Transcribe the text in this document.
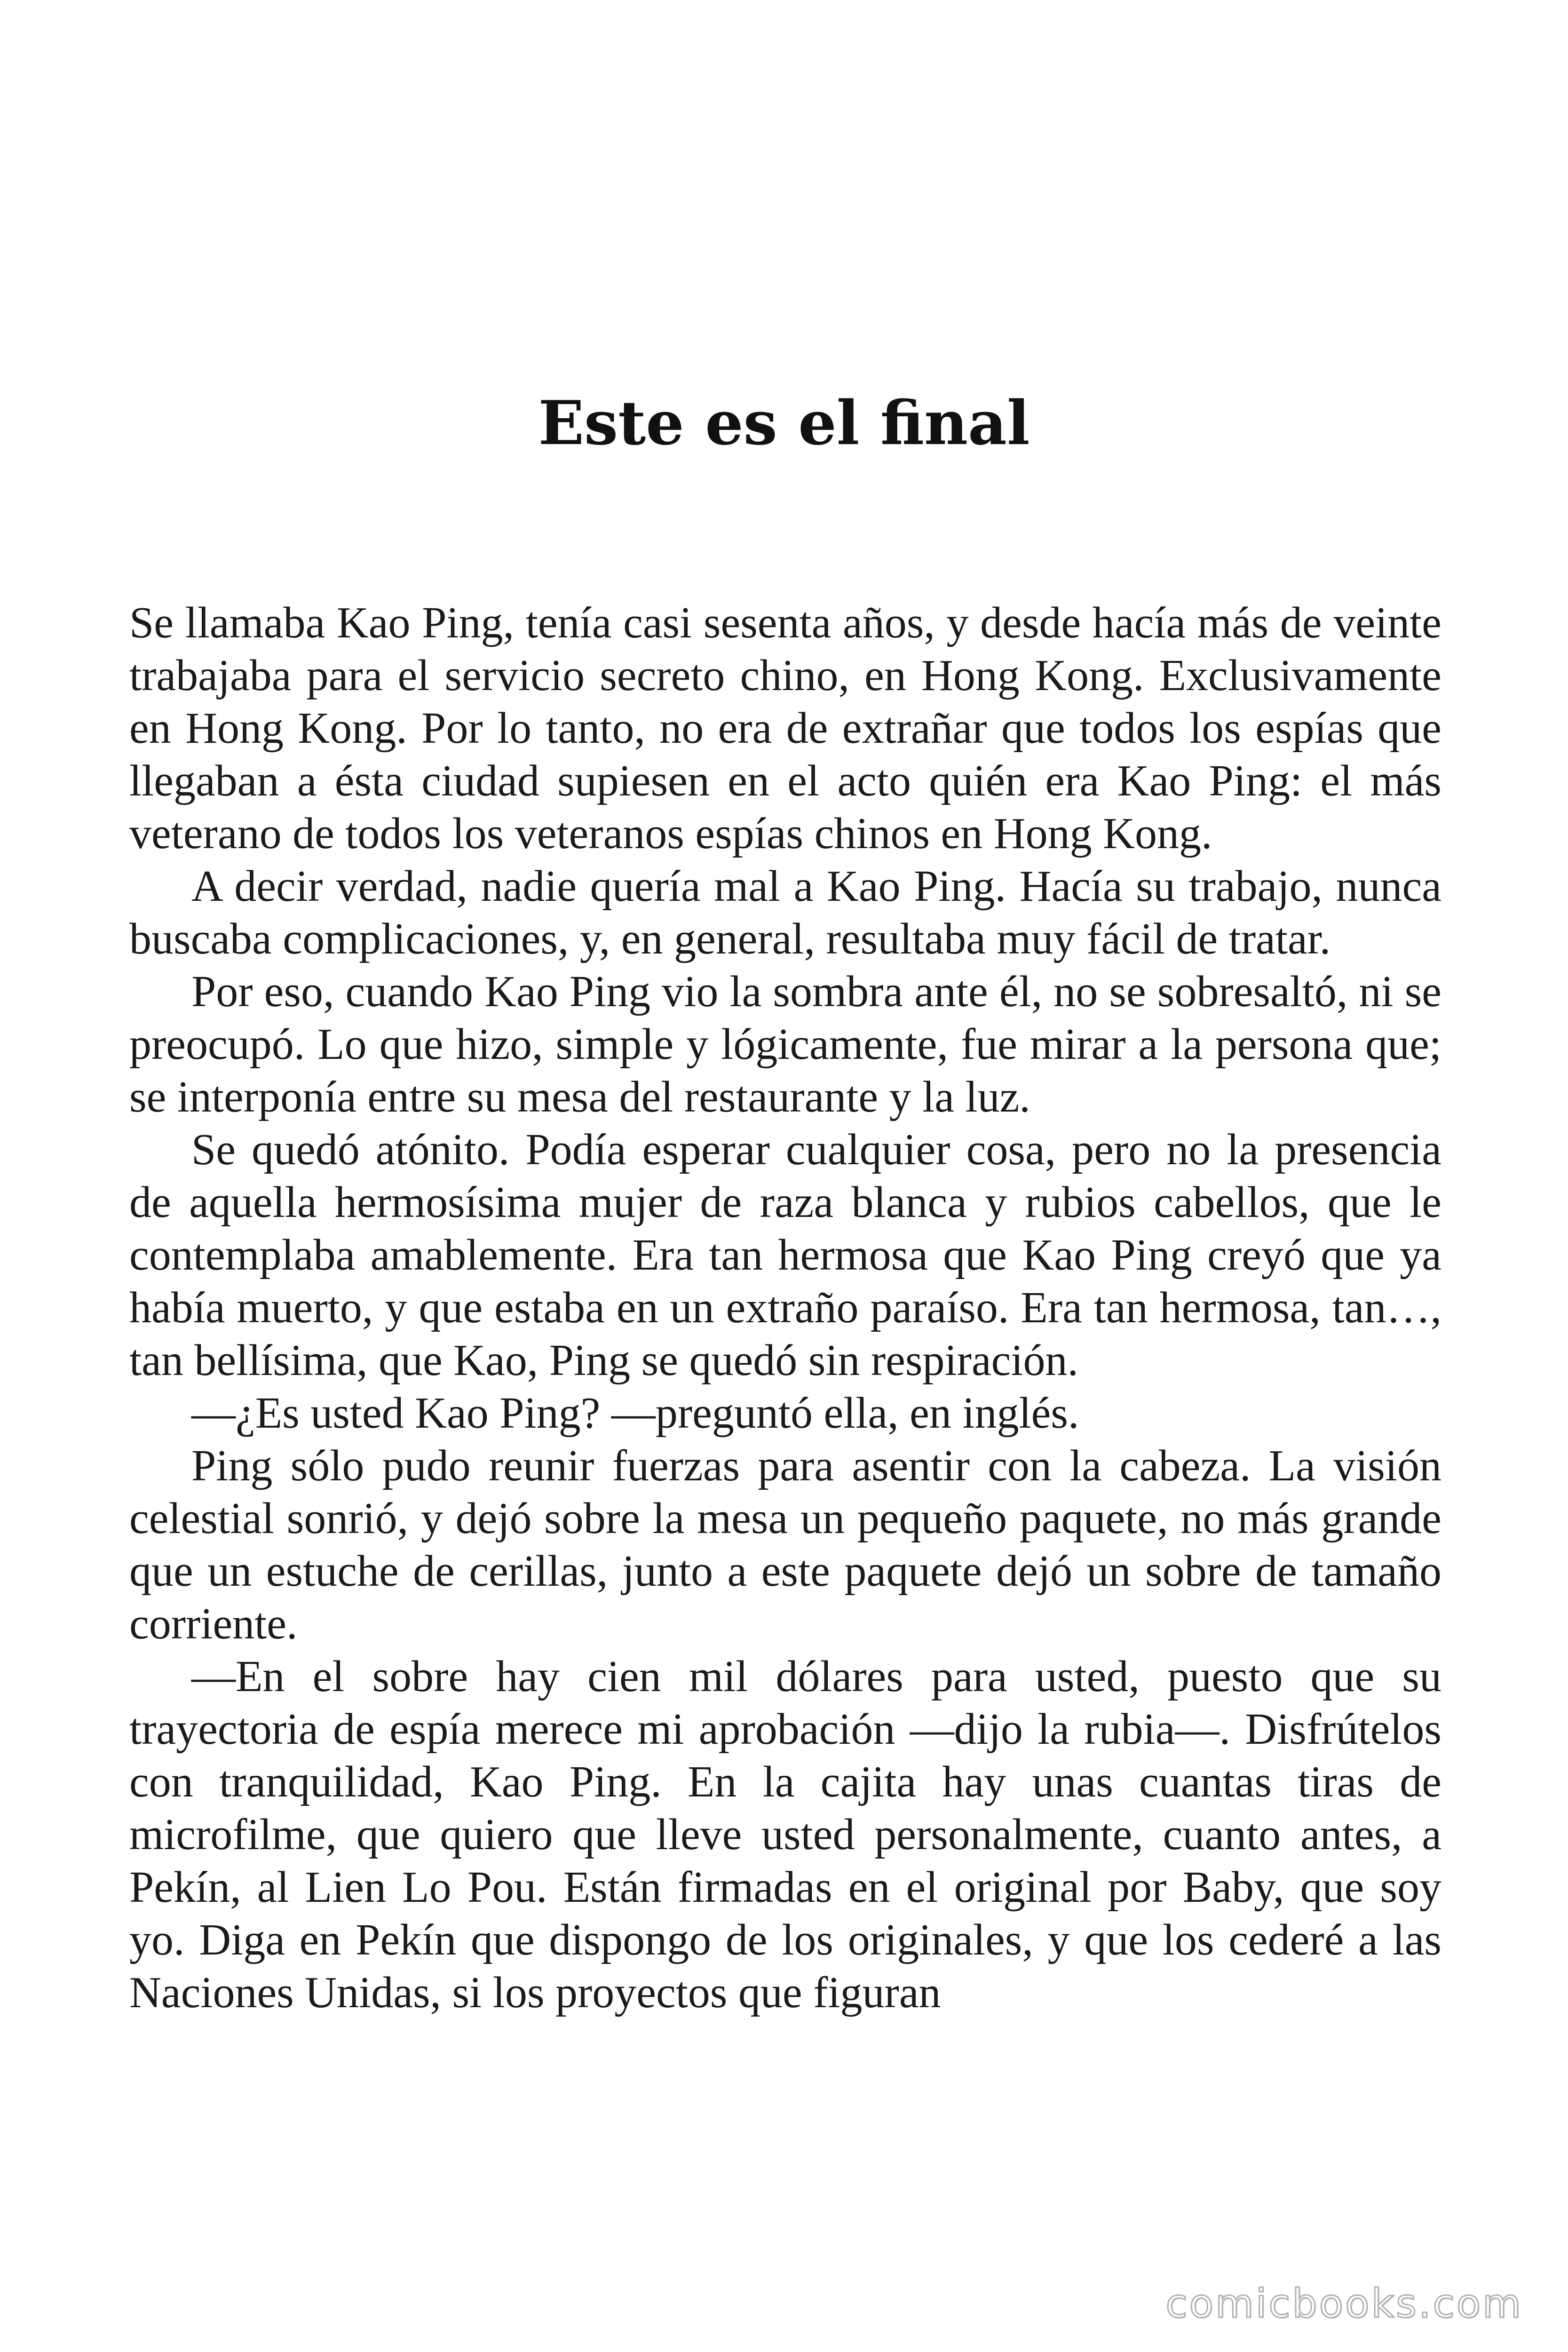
Este es el final

Se llamaba Kao Ping, tenía casi sesenta años, y desde hacía más de veinte trabajaba para el servicio secreto chino, en Hong Kong. Exclusivamente en Hong Kong. Por lo tanto, no era de extrañar que todos los espías que llegaban a ésta ciudad supiesen en el acto quién era Kao Ping: el más veterano de todos los veteranos espías chinos en Hong Kong.

A decir verdad, nadie quería mal a Kao Ping. Hacía su trabajo, nunca buscaba complicaciones, y, en general, resultaba muy fácil de tratar.

Por eso, cuando Kao Ping vio la sombra ante él, no se sobresaltó, ni se preocupó. Lo que hizo, simple y lógicamente, fue mirar a la persona que; se interponía entre su mesa del restaurante y la luz.

Se quedó atónito. Podía esperar cualquier cosa, pero no la presencia de aquella hermosísima mujer de raza blanca y rubios cabellos, que le contemplaba amablemente. Era tan hermosa que Kao Ping creyó que ya había muerto, y que estaba en un extraño paraíso. Era tan hermosa, tan…, tan bellísima, que Kao, Ping se quedó sin respiración.

—¿Es usted Kao Ping? —preguntó ella, en inglés.

Ping sólo pudo reunir fuerzas para asentir con la cabeza. La visión celestial sonrió, y dejó sobre la mesa un pequeño paquete, no más grande que un estuche de cerillas, junto a este paquete dejó un sobre de tamaño corriente.

—En el sobre hay cien mil dólares para usted, puesto que su trayectoria de espía merece mi aprobación —dijo la rubia—. Disfrútelos con tranquilidad, Kao Ping. En la cajita hay unas cuantas tiras de microfilme, que quiero que lleve usted personalmente, cuanto antes, a Pekín, al Lien Lo Pou. Están firmadas en el original por Baby, que soy yo. Diga en Pekín que dispongo de los originales, y que los cederé a las Naciones Unidas, si los proyectos que figuran

comicbooks.com
